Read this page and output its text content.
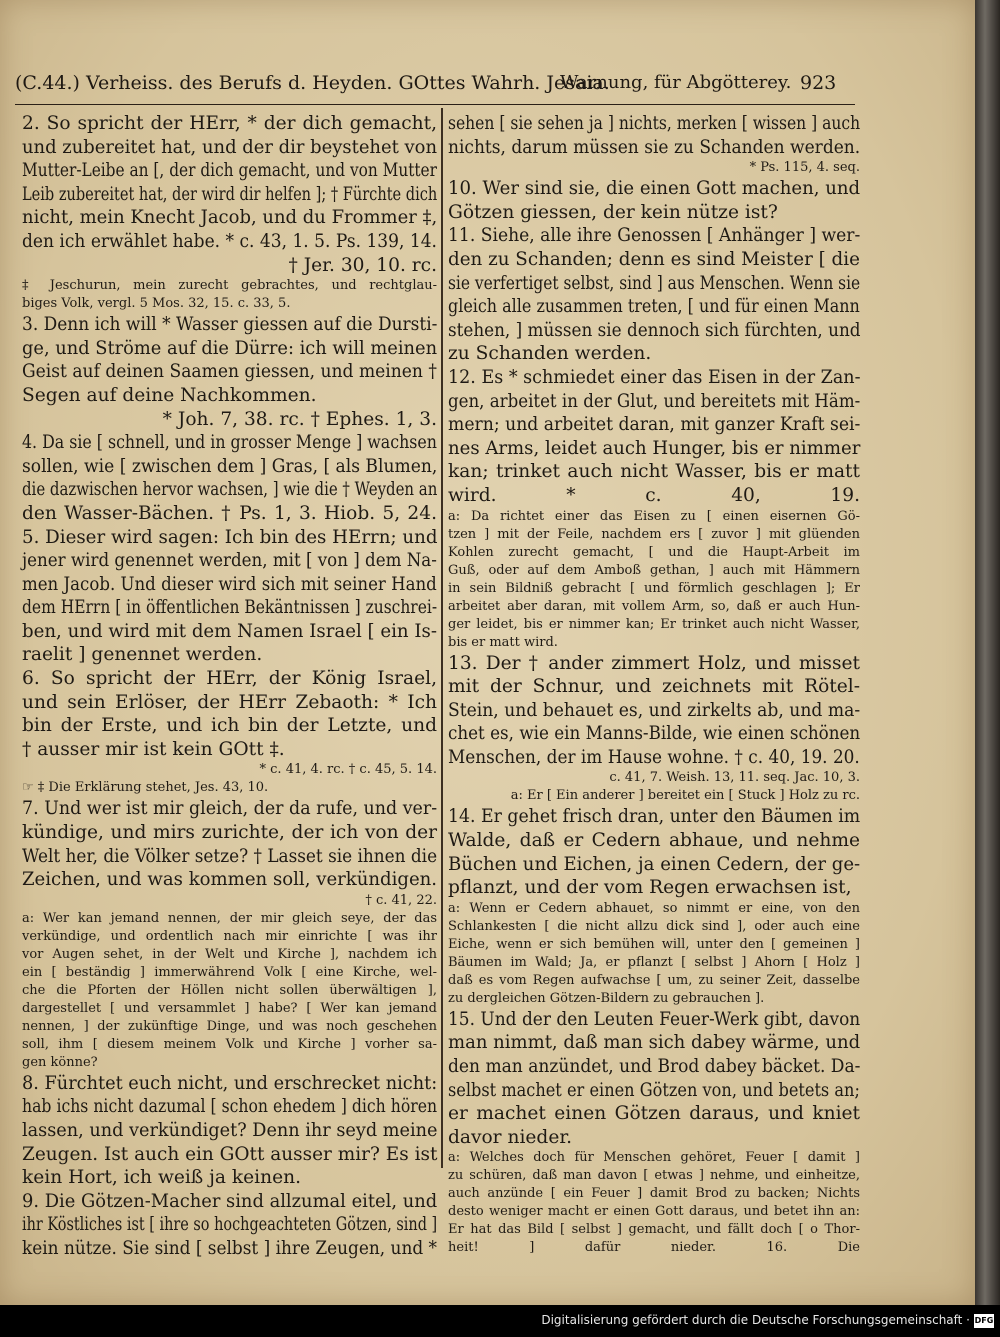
(C.44.) Verheiss. des Berufs d. Heyden. GOttes Wahrh. Jesaia.
Warnung, für Abgötterey. 923
2. So spricht der HErr, * der dich gemacht,
und zubereitet hat, und der dir beystehet von
Mutter-Leibe an [, der dich gemacht, und von Mutter
Leib zubereitet hat, der wird dir helfen ]; † Fürchte dich
nicht, mein Knecht Jacob, und du Frommer ‡,
den ich erwählet habe. * c. 43, 1. 5. Ps. 139, 14.
† Jer. 30, 10. rc.
‡ Jeschurun, mein zurecht gebrachtes, und rechtglau-
biges Volk, vergl. 5 Mos. 32, 15. c. 33, 5.
3. Denn ich will * Wasser giessen auf die Dursti-
ge, und Ströme auf die Dürre: ich will meinen
Geist auf deinen Saamen giessen, und meinen †
Segen auf deine Nachkommen.
* Joh. 7, 38. rc. † Ephes. 1, 3.
4. Da sie [ schnell, und in grosser Menge ] wachsen
sollen, wie [ zwischen dem ] Gras, [ als Blumen,
die dazwischen hervor wachsen, ] wie die † Weyden an
den Wasser-Bächen. † Ps. 1, 3. Hiob. 5, 24.
5. Dieser wird sagen: Ich bin des HErrn; und
jener wird genennet werden, mit [ von ] dem Na-
men Jacob. Und dieser wird sich mit seiner Hand
dem HErrn [ in öffentlichen Bekäntnissen ] zuschrei-
ben, und wird mit dem Namen Israel [ ein Is-
raelit ] genennet werden.
6. So spricht der HErr, der König Israel,
und sein Erlöser, der HErr Zebaoth: * Ich
bin der Erste, und ich bin der Letzte, und
† ausser mir ist kein GOtt ‡.
* c. 41, 4. rc. † c. 45, 5. 14.
☞ ‡ Die Erklärung stehet, Jes. 43, 10.
7. Und wer ist mir gleich, der da rufe, und ver-
kündige, und mirs zurichte, der ich von der
Welt her, die Völker setze? † Lasset sie ihnen die
Zeichen, und was kommen soll, verkündigen.
† c. 41, 22.
a: Wer kan jemand nennen, der mir gleich seye, der das
verkündige, und ordentlich nach mir einrichte [ was ihr
vor Augen sehet, in der Welt und Kirche ], nachdem ich
ein [ beständig ] immerwährend Volk [ eine Kirche, wel-
che die Pforten der Höllen nicht sollen überwältigen ],
dargestellet [ und versammlet ] habe? [ Wer kan jemand
nennen, ] der zukünftige Dinge, und was noch geschehen
soll, ihm [ diesem meinem Volk und Kirche ] vorher sa-
gen könne?
8. Fürchtet euch nicht, und erschrecket nicht:
hab ichs nicht dazumal [ schon ehedem ] dich hören
lassen, und verkündiget? Denn ihr seyd meine
Zeugen. Ist auch ein GOtt ausser mir? Es ist
kein Hort, ich weiß ja keinen.
9. Die Götzen-Macher sind allzumal eitel, und
ihr Köstliches ist [ ihre so hochgeachteten Götzen, sind ]
kein nütze. Sie sind [ selbst ] ihre Zeugen, und *
sehen [ sie sehen ja ] nichts, merken [ wissen ] auch
nichts, darum müssen sie zu Schanden werden.
* Ps. 115, 4. seq.
10. Wer sind sie, die einen Gott machen, und
Götzen giessen, der kein nütze ist?
11. Siehe, alle ihre Genossen [ Anhänger ] wer-
den zu Schanden; denn es sind Meister [ die
sie verfertiget selbst, sind ] aus Menschen. Wenn sie
gleich alle zusammen treten, [ und für einen Mann
stehen, ] müssen sie dennoch sich fürchten, und
zu Schanden werden.
12. Es * schmiedet einer das Eisen in der Zan-
gen, arbeitet in der Glut, und bereitets mit Häm-
mern; und arbeitet daran, mit ganzer Kraft sei-
nes Arms, leidet auch Hunger, bis er nimmer
kan; trinket auch nicht Wasser, bis er matt
wird. * c. 40, 19.
a: Da richtet einer das Eisen zu [ einen eisernen Gö-
tzen ] mit der Feile, nachdem ers [ zuvor ] mit glüenden
Kohlen zurecht gemacht, [ und die Haupt-Arbeit im
Guß, oder auf dem Amboß gethan, ] auch mit Hämmern
in sein Bildniß gebracht [ und förmlich geschlagen ]; Er
arbeitet aber daran, mit vollem Arm, so, daß er auch Hun-
ger leidet, bis er nimmer kan; Er trinket auch nicht Wasser,
bis er matt wird.
13. Der † ander zimmert Holz, und misset
mit der Schnur, und zeichnets mit Rötel-
Stein, und behauet es, und zirkelts ab, und ma-
chet es, wie ein Manns-Bilde, wie einen schönen
Menschen, der im Hause wohne. † c. 40, 19. 20.
c. 41, 7. Weish. 13, 11. seq. Jac. 10, 3.
a: Er [ Ein anderer ] bereitet ein [ Stuck ] Holz zu rc.
14. Er gehet frisch dran, unter den Bäumen im
Walde, daß er Cedern abhaue, und nehme
Büchen und Eichen, ja einen Cedern, der ge-
pflanzt, und der vom Regen erwachsen ist,
a: Wenn er Cedern abhauet, so nimmt er eine, von den
Schlankesten [ die nicht allzu dick sind ], oder auch eine
Eiche, wenn er sich bemühen will, unter den [ gemeinen ]
Bäumen im Wald; Ja, er pflanzt [ selbst ] Ahorn [ Holz ]
daß es vom Regen aufwachse [ um, zu seiner Zeit, dasselbe
zu dergleichen Götzen-Bildern zu gebrauchen ].
15. Und der den Leuten Feuer-Werk gibt, davon
man nimmt, daß man sich dabey wärme, und
den man anzündet, und Brod dabey bäcket. Da-
selbst machet er einen Götzen von, und betets an;
er machet einen Götzen daraus, und kniet
davor nieder.
a: Welches doch für Menschen gehöret, Feuer [ damit ]
zu schüren, daß man davon [ etwas ] nehme, und einheitze,
auch anzünde [ ein Feuer ] damit Brod zu backen; Nichts
desto weniger macht er einen Gott daraus, und betet ihn an:
Er hat das Bild [ selbst ] gemacht, und fällt doch [ o Thor-
heit! ] dafür nieder. 16. Die
Digitalisierung gefördert durch die Deutsche Forschungsgemeinschaft · DFG
